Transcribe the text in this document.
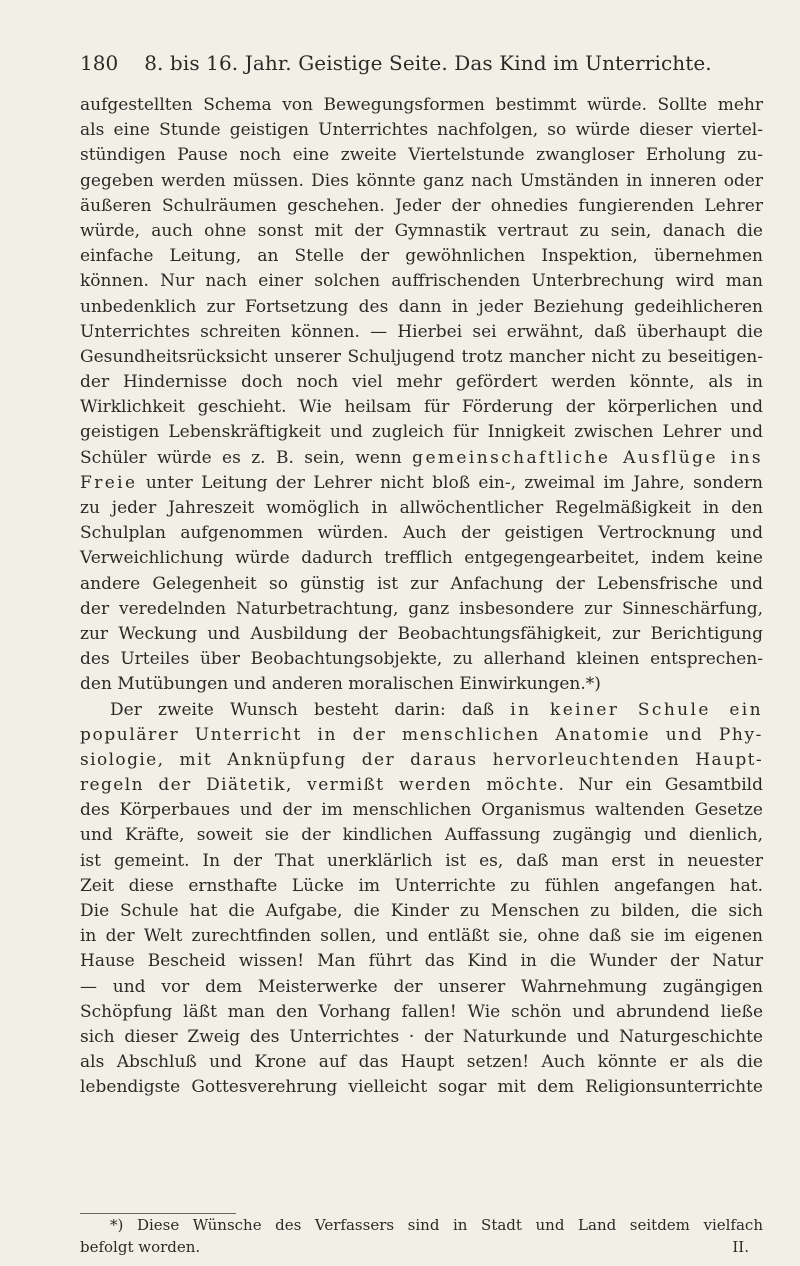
180 8. bis 16. Jahr. Geistige Seite. Das Kind im Unterrichte.
aufgestellten Schema von Bewegungsformen bestimmt würde. Sollte mehr
als eine Stunde geistigen Unterrichtes nachfolgen, so würde dieser viertel-
stündigen Pause noch eine zweite Viertelstunde zwangloser Erholung zu-
gegeben werden müssen. Dies könnte ganz nach Umständen in inneren oder
äußeren Schulräumen geschehen. Jeder der ohnedies fungierenden Lehrer
würde, auch ohne sonst mit der Gymnastik vertraut zu sein, danach die
einfache Leitung, an Stelle der gewöhnlichen Inspektion, übernehmen
können. Nur nach einer solchen auffrischenden Unterbrechung wird man
unbedenklich zur Fortsetzung des dann in jeder Beziehung gedeihlicheren
Unterrichtes schreiten können. — Hierbei sei erwähnt, daß überhaupt die
Gesundheitsrücksicht unserer Schuljugend trotz mancher nicht zu beseitigen-
der Hindernisse doch noch viel mehr gefördert werden könnte, als in
Wirklichkeit geschieht. Wie heilsam für Förderung der körperlichen und
geistigen Lebenskräftigkeit und zugleich für Innigkeit zwischen Lehrer und
Schüler würde es z. B. sein, wenn gemeinschaftliche Ausflüge ins
Freie unter Leitung der Lehrer nicht bloß ein-, zweimal im Jahre, sondern
zu jeder Jahreszeit womöglich in allwöchentlicher Regelmäßigkeit in den
Schulplan aufgenommen würden. Auch der geistigen Vertrocknung und
Verweichlichung würde dadurch trefflich entgegengearbeitet, indem keine
andere Gelegenheit so günstig ist zur Anfachung der Lebensfrische und
der veredelnden Naturbetrachtung, ganz insbesondere zur Sinneschärfung,
zur Weckung und Ausbildung der Beobachtungsfähigkeit, zur Berichtigung
des Urteiles über Beobachtungsobjekte, zu allerhand kleinen entsprechen-
den Mutübungen und anderen moralischen Einwirkungen.*)
Der zweite Wunsch besteht darin: daß in keiner Schule ein
populärer Unterricht in der menschlichen Anatomie und Phy-
siologie, mit Anknüpfung der daraus hervorleuchtenden Haupt-
regeln der Diätetik, vermißt werden möchte. Nur ein Gesamtbild
des Körperbaues und der im menschlichen Organismus waltenden Gesetze
und Kräfte, soweit sie der kindlichen Auffassung zugängig und dienlich,
ist gemeint. In der That unerklärlich ist es, daß man erst in neuester
Zeit diese ernsthafte Lücke im Unterrichte zu fühlen angefangen hat.
Die Schule hat die Aufgabe, die Kinder zu Menschen zu bilden, die sich
in der Welt zurechtfinden sollen, und entläßt sie, ohne daß sie im eigenen
Hause Bescheid wissen! Man führt das Kind in die Wunder der Natur
— und vor dem Meisterwerke der unserer Wahrnehmung zugängigen
Schöpfung läßt man den Vorhang fallen! Wie schön und abrundend ließe
sich dieser Zweig des Unterrichtes · der Naturkunde und Naturgeschichte
als Abschluß und Krone auf das Haupt setzen! Auch könnte er als die
lebendigste Gottesverehrung vielleicht sogar mit dem Religionsunterrichte
*) Diese Wünsche des Verfassers sind in Stadt und Land seitdem vielfach
befolgt worden.	II.
